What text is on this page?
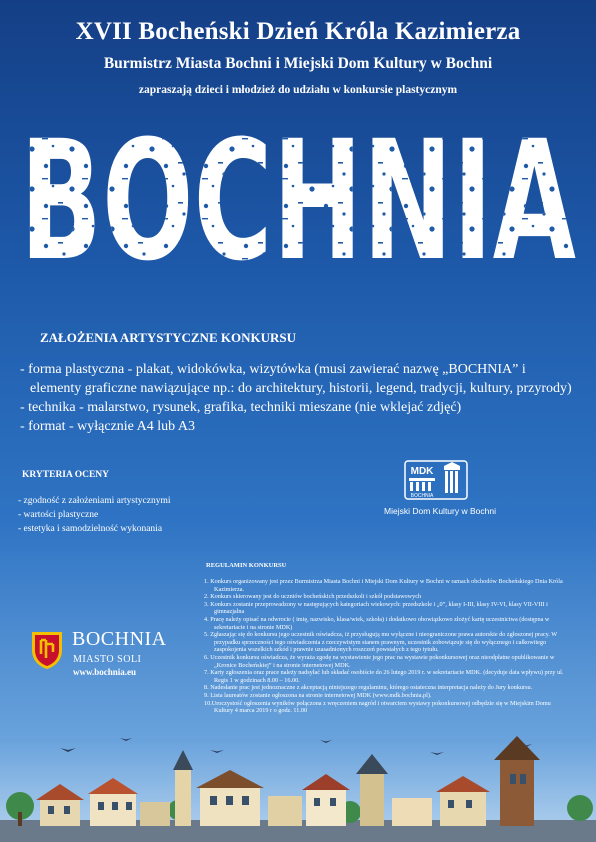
XVII Bocheński Dzień Króla Kazimierza
Burmistrz Miasta Bochni i Miejski Dom Kultury w Bochni
zapraszają dzieci i młodzież do udziału w konkursie plastycznym
BOCHNIA
BOCHNIA
ZAŁOŻENIA ARTYSTYCZNE KONKURSU
- forma plastyczna - plakat, widokówka, wizytówka (musi zawierać nazwę „BOCHNIA” i elementy graficzne nawiązujące np.: do architektury, historii, legend, tradycji, kultury, przyrody)
- technika - malarstwo, rysunek, grafika, techniki mieszane (nie wklejać zdjęć)
- format - wyłącznie A4 lub A3
KRYTERIA OCENY
- zgodność z założeniami artystycznymi
- wartości plastyczne
- estetyka i samodzielność wykonania
MDK
BOCHNIA
Miejski Dom Kultury w Bochni
REGULAMIN KONKURSU
1. Konkurs organizowany jest przez Burmistrza Miasta Bochni i Miejski Dom Kultury w Bochni w ramach obchodów Bocheńskiego Dnia Króla Kazimierza.
2. Konkurs skierowany jest do uczniów bocheńskich przedszkoli i szkół podstawowych
3. Konkurs zostanie przeprowadzony w następujących kategoriach wiekowych: przedszkole i „0”, klasy I-III, klasy IV-VI, klasy VII-VIII i gimnazjalna
4. Pracę należy opisać na odwrocie ( imię, nazwisko, klasa/wiek, szkoła) i dodatkowo obowiązkowo złożyć kartę uczestnictwa (dostępna w sekretariacie i na stronie MDK)
5. Zgłaszając się do konkursu jego uczestnik oświadcza, iż przysługują mu wyłączne i nieograniczone prawa autorskie do zgłoszonej pracy. W przypadku sprzeczności tego oświadczenia z rzeczywistym stanem prawnym, uczestnik zobowiązuje się do wyłącznego i całkowitego zaspokojenia wszelkich szkód i prawnie uzasadnionych roszczeń powstałych z tego tytułu.
6. Uczestnik konkursu oświadcza, że wyraża zgodę na wystawienie jego prac na wystawie pokonkursowej oraz nieodpłatne opublikowanie w „Kronice Bocheńskiej” i na stronie internetowej MDK.
7. Karty zgłoszenia oraz prace należy nadsyłać lub składać osobiście do 26 lutego 2019 r. w sekretariacie MDK. (decyduje data wpływu) przy ul. Regis 1 w godzinach 8.00 – 16.00.
8. Nadesłanie prac jest jednoznaczne z akceptacją niniejszego regulaminu, którego ostateczna interpretacja należy do Jury konkursu.
9. Lista laureatów zostanie ogłoszona na stronie internetowej MDK (www.mdk.bochnia.pl).
10.Uroczystość ogłoszenia wyników połączona z wręczeniem nagród i otwarciem wystawy pokonkursowej odbędzie się w Miejskim Domu Kultury 4 marca 2019 r o godz. 11.00
BOCHNIA
MIASTO SOLI
www.bochnia.eu
